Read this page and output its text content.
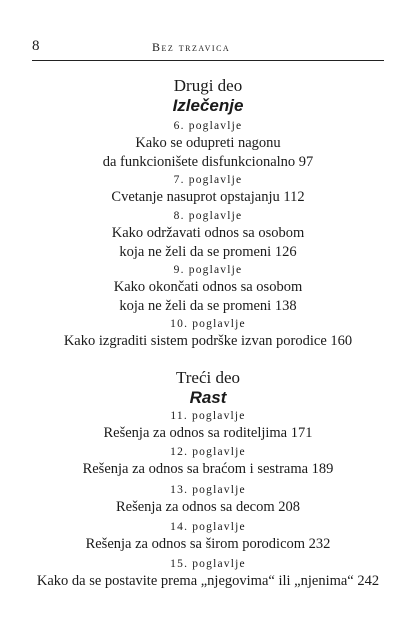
8	Bez trzavica
Drugi deo
Izlečenje
6. poglavlje
Kako se odupreti nagonu
da funkcionišete disfunkcionalno 97
7. poglavlje
Cvetanje nasuprot opstajanju 112
8. poglavlje
Kako održavati odnos sa osobom
koja ne želi da se promeni 126
9. poglavlje
Kako okončati odnos sa osobom
koja ne želi da se promeni 138
10. poglavlje
Kako izgraditi sistem podrške izvan porodice 160
Treći deo
Rast
11. poglavlje
Rešenja za odnos sa roditeljima 171
12. poglavlje
Rešenja za odnos sa braćom i sestrama 189
13. poglavlje
Rešenja za odnos sa decom 208
14. poglavlje
Rešenja za odnos sa širom porodicom 232
15. poglavlje
Kako da se postavite prema „njegovima“ ili „njenima“ 242
